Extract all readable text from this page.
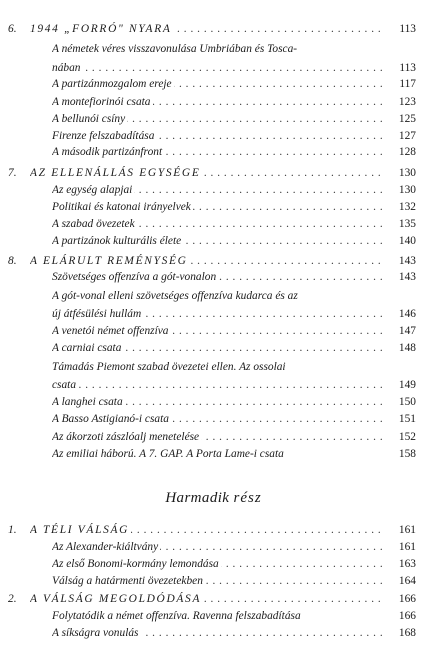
Harmadik rész
6. 1944 „FORRÓ" NYARA . . .	113
A németek véres visszavonulása Umbriában és Tosca-
nában . . .	113
A partizánmozgalom ereje . . .	117
A montefiorinói csata . . .	123
A bellunói csíny . . .	125
Firenze felszabadítása . . .	127
A második partizánfront . . .	128
7. AZ ELLENÁLLÁS EGYSÉGE . . .	130
Az egység alapjai . . .	130
Politikai és katonai irányelvek . . .	132
A szabad övezetek . . .	135
A partizánok kulturális élete . . .	140
8. A ELÁRULT REMÉNYSÉG . . .	143
Szövetséges offenzíva a gót-vonalon . . .	143
A gót-vonal elleni szövetséges offenzíva kudarca és az
új átfésülési hullám . . .	146
A venetói német offenzíva . . .	147
A carniai csata . . .	148
Támadás Piemont szabad övezetei ellen. Az ossolai
csata . . .	149
A langhei csata . . .	150
A Basso Astigianó-i csata . . .	151
Az ákorzoti zászlóalj menetelése . . .	152
Az emiliai háború. A 7. GAP. A Porta Lame-i csata	158
1. A TÉLI VÁLSÁG . . .	161
Az Alexander-kiáltvány . . .	161
Az első Bonomi-kormány lemondása . . .	163
Válság a határmenti övezetekben . . .	164
2. A VÁLSÁG MEGOLDÓDÁSA . . .	166
Folytatódik a német offenzíva. Ravenna felszabadítása	166
A síkságra vonulás . . .	168
